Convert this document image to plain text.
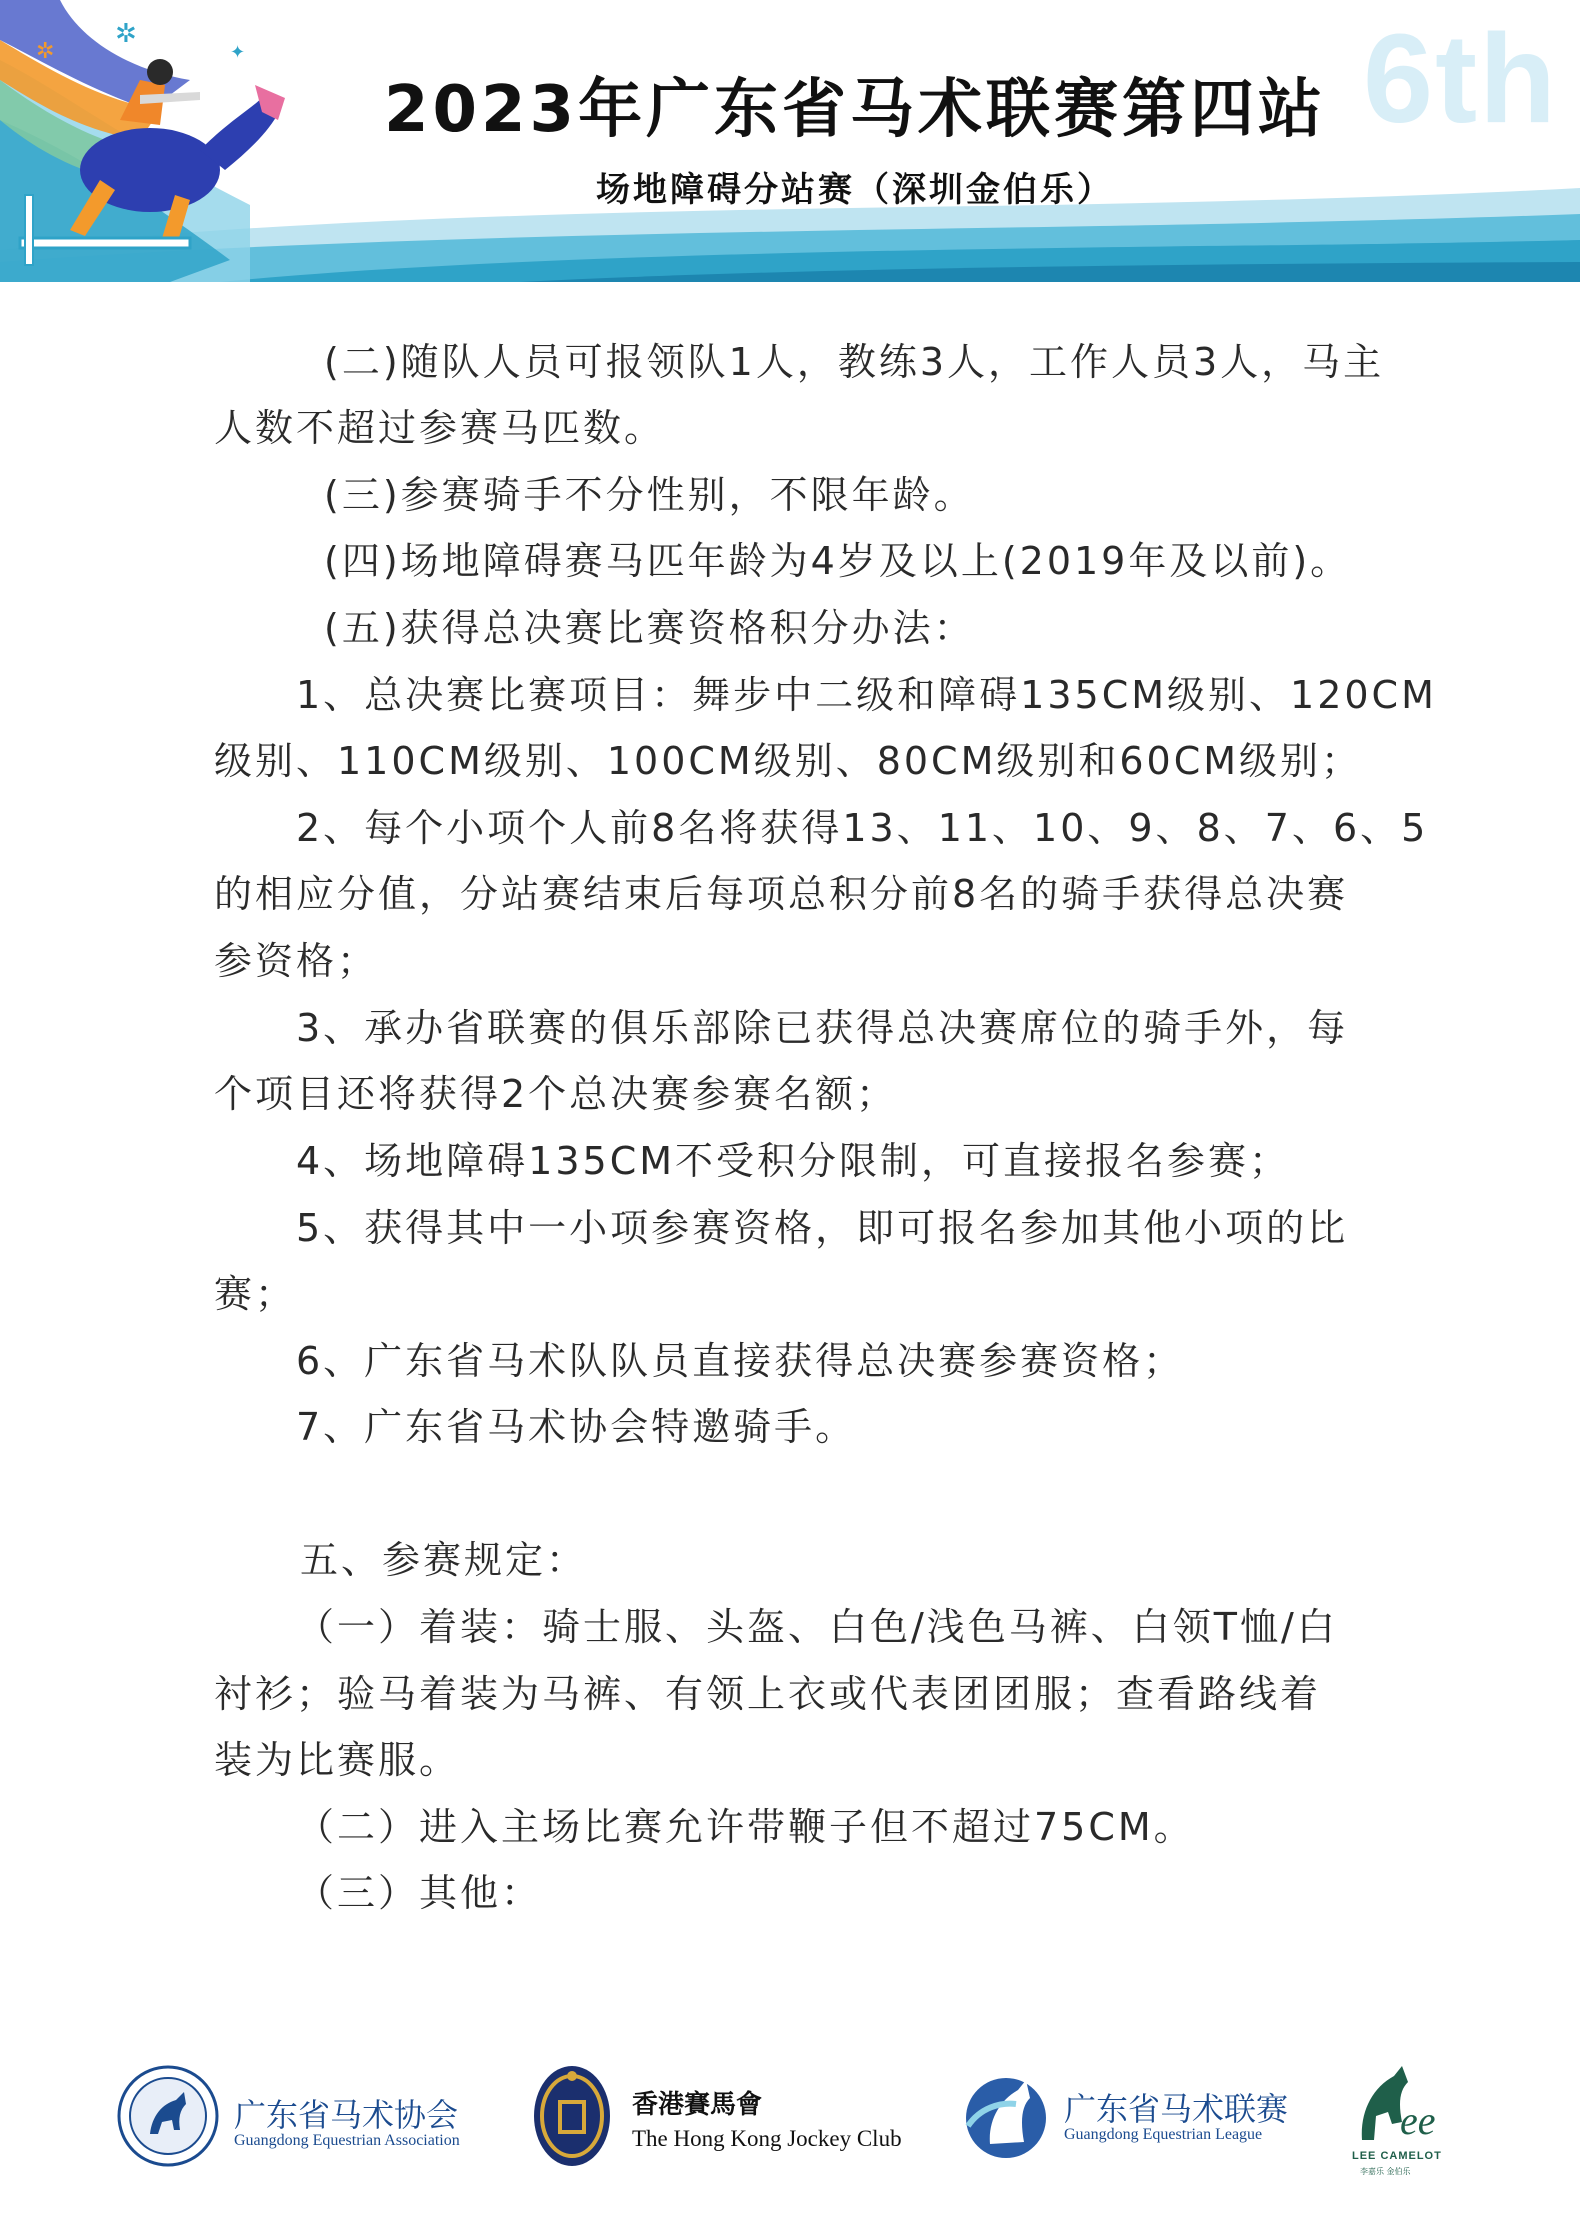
✲
✲	✦	6th
2023年广东省马术联赛第四站
场地障碍分站赛（深圳金伯乐）
(二)随队人员可报领队1人，教练3人，工作人员3人，马主
人数不超过参赛马匹数。
(三)参赛骑手不分性别，不限年龄。
(四)场地障碍赛马匹年龄为4岁及以上(2019年及以前)。
(五)获得总决赛比赛资格积分办法：
1、总决赛比赛项目：舞步中二级和障碍135CM级别、120CM
级别、110CM级别、100CM级别、80CM级别和60CM级别；
2、每个小项个人前8名将获得13、11、10、9、8、7、6、5
的相应分值，分站赛结束后每项总积分前8名的骑手获得总决赛
参资格；
3、承办省联赛的俱乐部除已获得总决赛席位的骑手外，每
个项目还将获得2个总决赛参赛名额；
4、场地障碍135CM不受积分限制，可直接报名参赛；
5、获得其中一小项参赛资格，即可报名参加其他小项的比
赛；
6、广东省马术队队员直接获得总决赛参赛资格；
7、广东省马术协会特邀骑手。
五、参赛规定：
（一）着装：骑士服、头盔、白色/浅色马裤、白领T恤/白
衬衫；验马着装为马裤、有领上衣或代表团团服；查看路线着
装为比赛服。
（二）进入主场比赛允许带鞭子但不超过75CM。
（三）其他：
广东省马术协会
Guangdong Equestrian Association
香港賽馬會
The Hong Kong Jockey Club
广东省马术联赛
Guangdong Equestrian League	ee
LEE CAMELOT
李嘉乐 金伯乐
